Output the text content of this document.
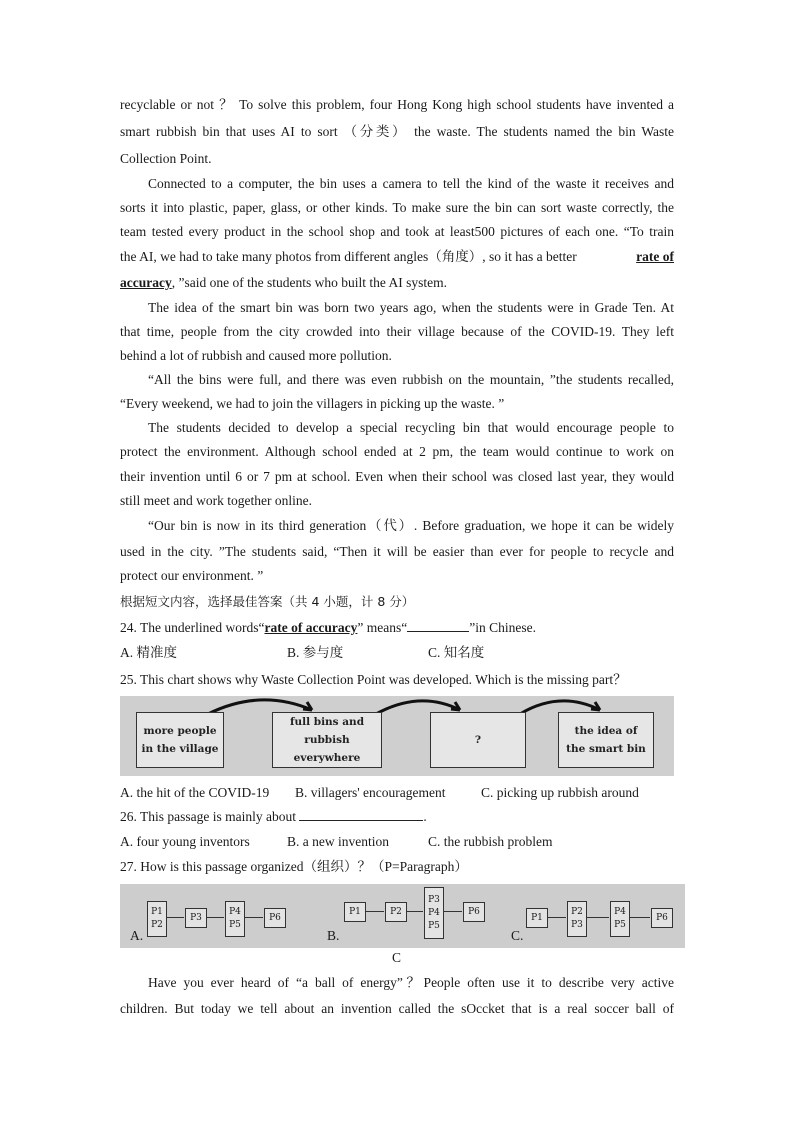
recyclable or not ？ To solve this problem, four Hong Kong high school students have invented a
smart rubbish bin that uses AI to sort （分类） the waste. The students named the bin Waste
Collection Point.
Connected to a computer, the bin uses a camera to tell the kind of the waste it receives and
sorts it into plastic, paper, glass, or other kinds. To make sure the bin can sort waste correctly, the
team tested every product in the school shop and took at least500 pictures of each one. “To train
the AI, we had to take many photos from different angles（角度）, so it has a better	rate of
accuracy, ”said one of the students who built the AI system.
The idea of the smart bin was born two years ago, when the students were in Grade Ten. At
that time, people from the city crowded into their village because of the COVID-19. They left
behind a lot of rubbish and caused more pollution.
“All the bins were full, and there was even rubbish on the mountain, ”the students recalled,
“Every weekend, we had to join the villagers in picking up the waste. ”
The students decided to develop a special recycling bin that would encourage people to
protect the environment. Although school ended at 2 pm, the team would continue to work on
their invention until 6 or 7 pm at school. Even when their school was closed last year, they would
still meet and work together online.
“Our bin is now in its third generation（代）. Before graduation, we hope it can be widely
used in the city. ”The students said, “Then it will be easier than ever for people to recycle and
protect our environment. ”
根据短文内容，选择最佳答案（共 4 小题，计 8 分）
24. The underlined words“rate of accuracy” means“	”in Chinese.
A. 精准度	B. 参与度	C. 知名度
25. This chart shows why Waste Collection Point was developed. Which is the missing part？
more people
in the village
full bins and
rubbish
everywhere
?
the idea of
the smart bin
A. the hit of the COVID-19 B. villagers' encouragement	C. picking up rubbish around
26. This passage is mainly about	.
A. four young inventors	B. a new invention	C. the rubbish problem
27. How is this passage organized（组织）？（P=Paragraph）
A.
P1
P2
P3
P4
P5
P6
B.
P1	P2
P3
P4
P5
P6
C.
P1
P2
P3
P4
P5
P6
C
Have you ever heard of “a ball of energy”？People often use it to describe very active
children. But today we tell about an invention called the sOccket that is a real soccer ball of
